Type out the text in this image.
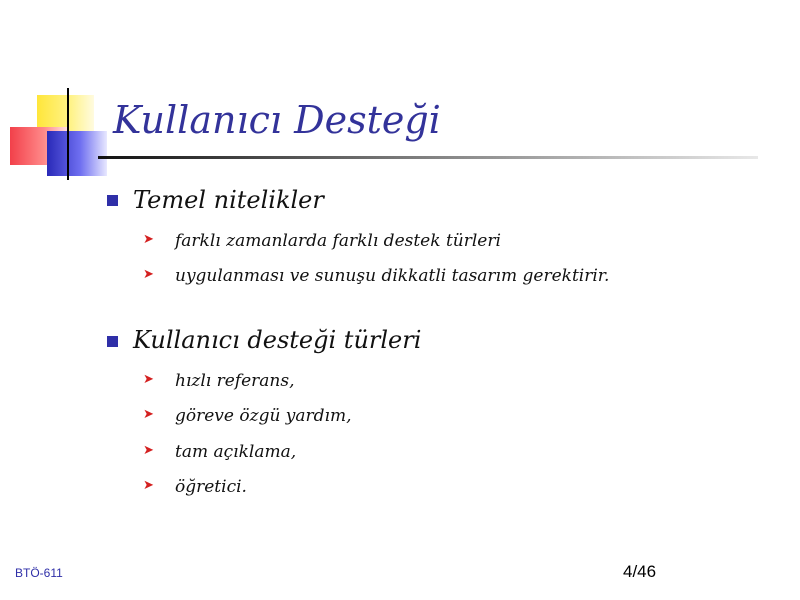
Kullanıcı Desteği
Temel nitelikler
➤ farklı zamanlarda farklı destek türleri
➤ uygulanması ve sunuşu dikkatli tasarım gerektirir.
Kullanıcı desteği türleri
➤ hızlı referans,
➤ göreve özgü yardım,
➤ tam açıklama,
➤ öğretici.
BTÖ-611	4/46
